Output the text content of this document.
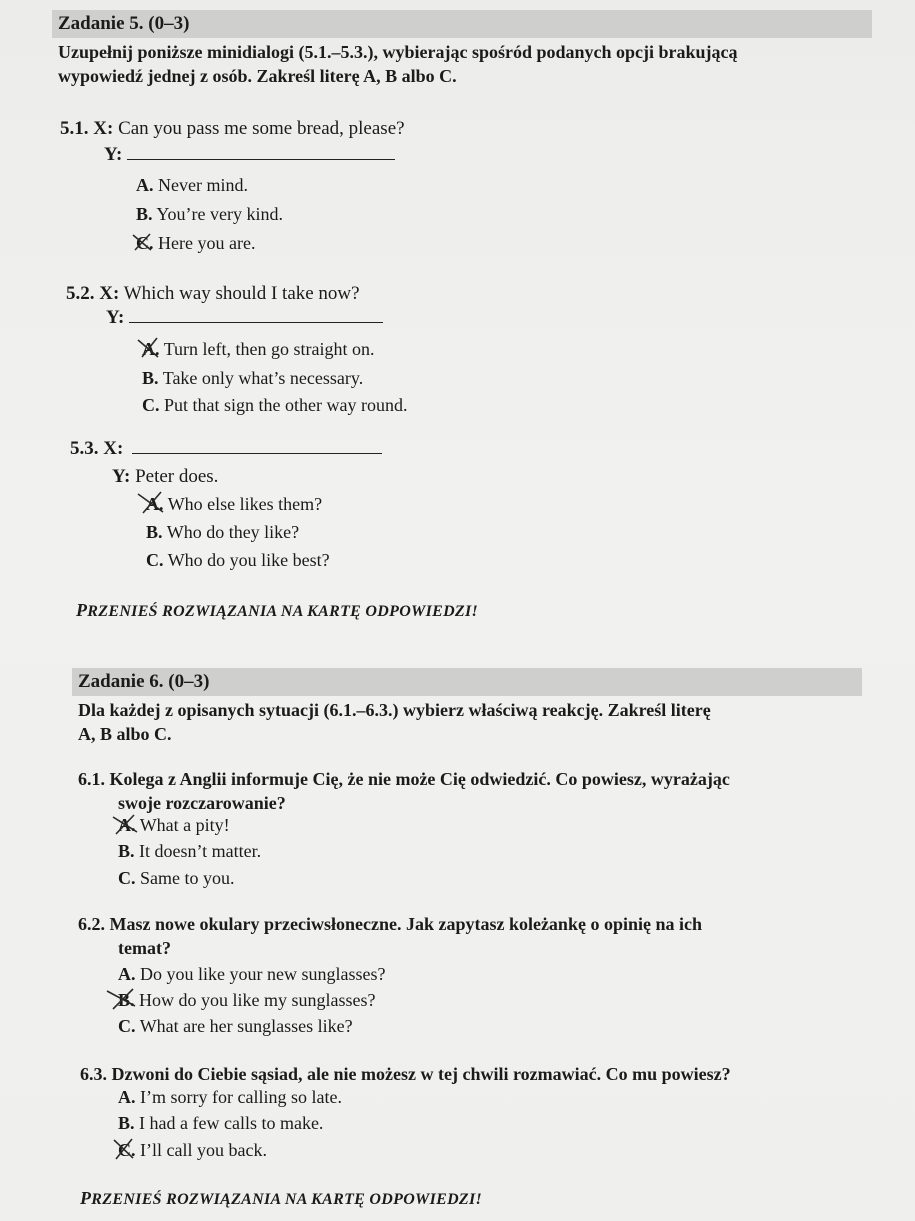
Zadanie 5. (0–3)
Uzupełnij poniższe minidialogi (5.1.–5.3.), wybierając spośród podanych opcji brakującą
wypowiedź jednej z osób. Zakreśl literę A, B albo C.
5.1. X: Can you pass me some bread, please?
Y:
A. Never mind.
B. You’re very kind.
C. Here you are.
5.2. X: Which way should I take now?
Y:
A. Turn left, then go straight on.
B. Take only what’s necessary.
C. Put that sign the other way round.
5.3. X:
Y: Peter does.
A. Who else likes them?
B. Who do they like?
C. Who do you like best?
PRZENIEŚ ROZWIĄZANIA NA KARTĘ ODPOWIEDZI!
Zadanie 6. (0–3)
Dla każdej z opisanych sytuacji (6.1.–6.3.) wybierz właściwą reakcję. Zakreśl literę
A, B albo C.
6.1. Kolega z Anglii informuje Cię, że nie może Cię odwiedzić. Co powiesz, wyrażając
swoje rozczarowanie?
A. What a pity!
B. It doesn’t matter.
C. Same to you.
6.2. Masz nowe okulary przeciwsłoneczne. Jak zapytasz koleżankę o opinię na ich
temat?
A. Do you like your new sunglasses?
B. How do you like my sunglasses?
C. What are her sunglasses like?
6.3. Dzwoni do Ciebie sąsiad, ale nie możesz w tej chwili rozmawiać. Co mu powiesz?
A. I’m sorry for calling so late.
B. I had a few calls to make.
C. I’ll call you back.
PRZENIEŚ ROZWIĄZANIA NA KARTĘ ODPOWIEDZI!
